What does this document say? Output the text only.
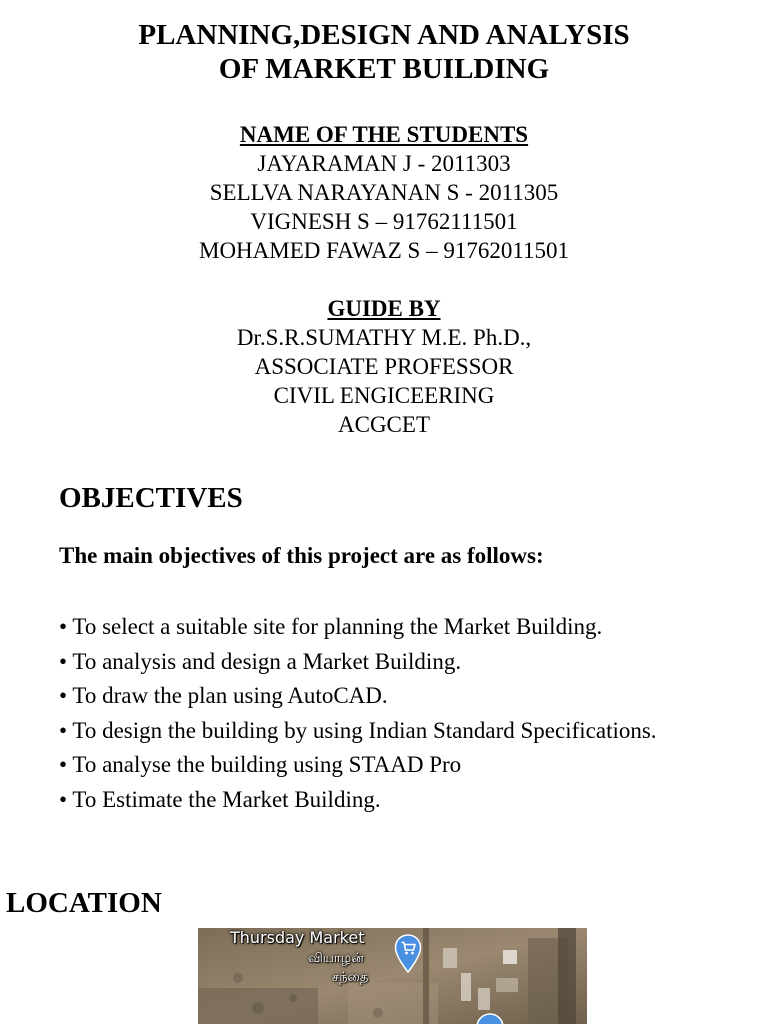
PLANNING,DESIGN AND ANALYSIS
OF MARKET BUILDING
NAME OF THE STUDENTS
JAYARAMAN J - 2011303
SELLVA NARAYANAN S - 2011305
VIGNESH S – 91762111501
MOHAMED FAWAZ S – 91762011501
GUIDE BY
Dr.S.R.SUMATHY M.E. Ph.D.,
ASSOCIATE PROFESSOR
CIVIL ENGICEERING
ACGCET
OBJECTIVES
The main objectives of this project are as follows:
• To select a suitable site for planning the Market Building.
• To analysis and design a Market Building.
• To draw the plan using AutoCAD.
• To design the building by using Indian Standard Specifications.
• To analyse the building using STAAD Pro
• To Estimate the Market Building.
LOCATION
Thursday Market
வியாழன்
சந்தை
